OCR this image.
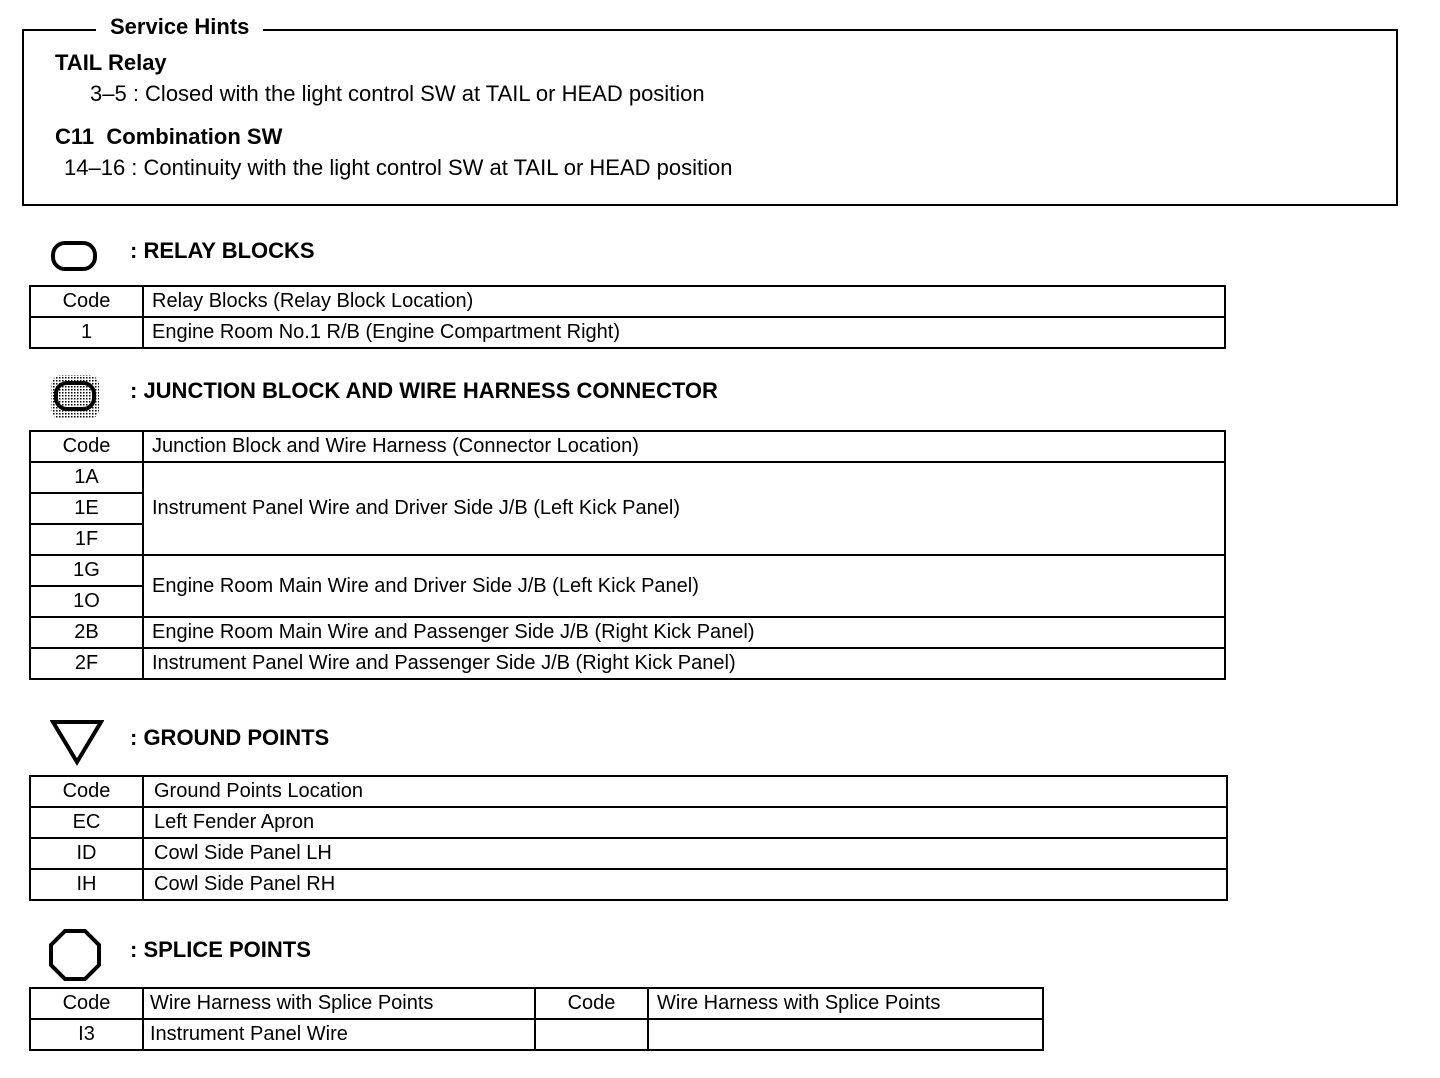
Service Hints
TAIL Relay
3–5 : Closed with the light control SW at TAIL or HEAD position
C11  Combination SW
14–16 : Continuity with the light control SW at TAIL or HEAD position
: RELAY BLOCKS
Code	Relay Blocks (Relay Block Location)
1	Engine Room No.1 R/B (Engine Compartment Right)
: JUNCTION BLOCK AND WIRE HARNESS CONNECTOR
Code	Junction Block and Wire Harness (Connector Location)
1A	Instrument Panel Wire and Driver Side J/B (Left Kick Panel)
1E	
1F	
1G	Engine Room Main Wire and Driver Side J/B (Left Kick Panel)
1O	
2B	Engine Room Main Wire and Passenger Side J/B (Right Kick Panel)
2F	Instrument Panel Wire and Passenger Side J/B (Right Kick Panel)
: GROUND POINTS
Code	Ground Points Location
EC	Left Fender Apron
ID	Cowl Side Panel LH
IH	Cowl Side Panel RH
: SPLICE POINTS
Code	Wire Harness with Splice Points	Code	Wire Harness with Splice Points
I3	Instrument Panel Wire		
